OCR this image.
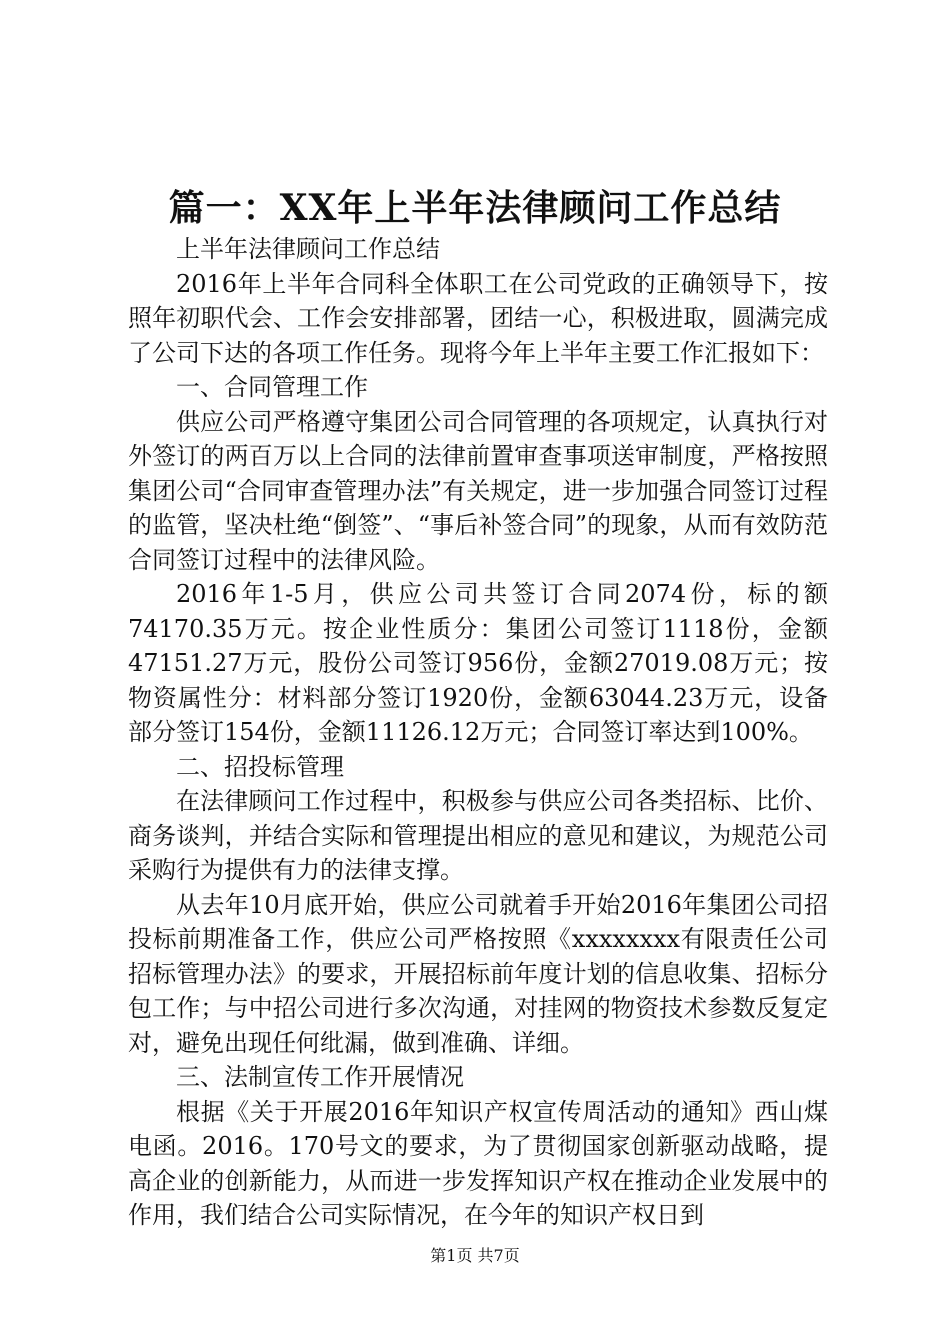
篇一：XX年上半年法律顾问工作总结

上半年法律顾问工作总结

2016年上半年合同科全体职工在公司党政的正确领导下，按照年初职代会、工作会安排部署，团结一心，积极进取，圆满完成了公司下达的各项工作任务。现将今年上半年主要工作汇报如下：

一、合同管理工作

供应公司严格遵守集团公司合同管理的各项规定，认真执行对外签订的两百万以上合同的法律前置审查事项送审制度，严格按照集团公司“合同审查管理办法”有关规定，进一步加强合同签订过程的监管，坚决杜绝“倒签”、“事后补签合同”的现象，从而有效防范合同签订过程中的法律风险。

2016年1-5月，供应公司共签订合同2074份，标的额74170.35万元。按企业性质分：集团公司签订1118份，金额47151.27万元，股份公司签订956份，金额27019.08万元；按物资属性分：材料部分签订1920份，金额63044.23万元，设备部分签订154份，金额11126.12万元；合同签订率达到100%。

二、招投标管理

在法律顾问工作过程中，积极参与供应公司各类招标、比价、商务谈判，并结合实际和管理提出相应的意见和建议，为规范公司采购行为提供有力的法律支撑。

从去年10月底开始，供应公司就着手开始2016年集团公司招投标前期准备工作，供应公司严格按照《xxxxxxxx有限责任公司招标管理办法》的要求，开展招标前年度计划的信息收集、招标分包工作；与中招公司进行多次沟通，对挂网的物资技术参数反复定对，避免出现任何纰漏，做到准确、详细。

三、法制宣传工作开展情况

根据《关于开展2016年知识产权宣传周活动的通知》西山煤电函。2016。170号文的要求，为了贯彻国家创新驱动战略，提高企业的创新能力，从而进一步发挥知识产权在推动企业发展中的作用，我们结合公司实际情况，在今年的知识产权日到

第1页 共7页
